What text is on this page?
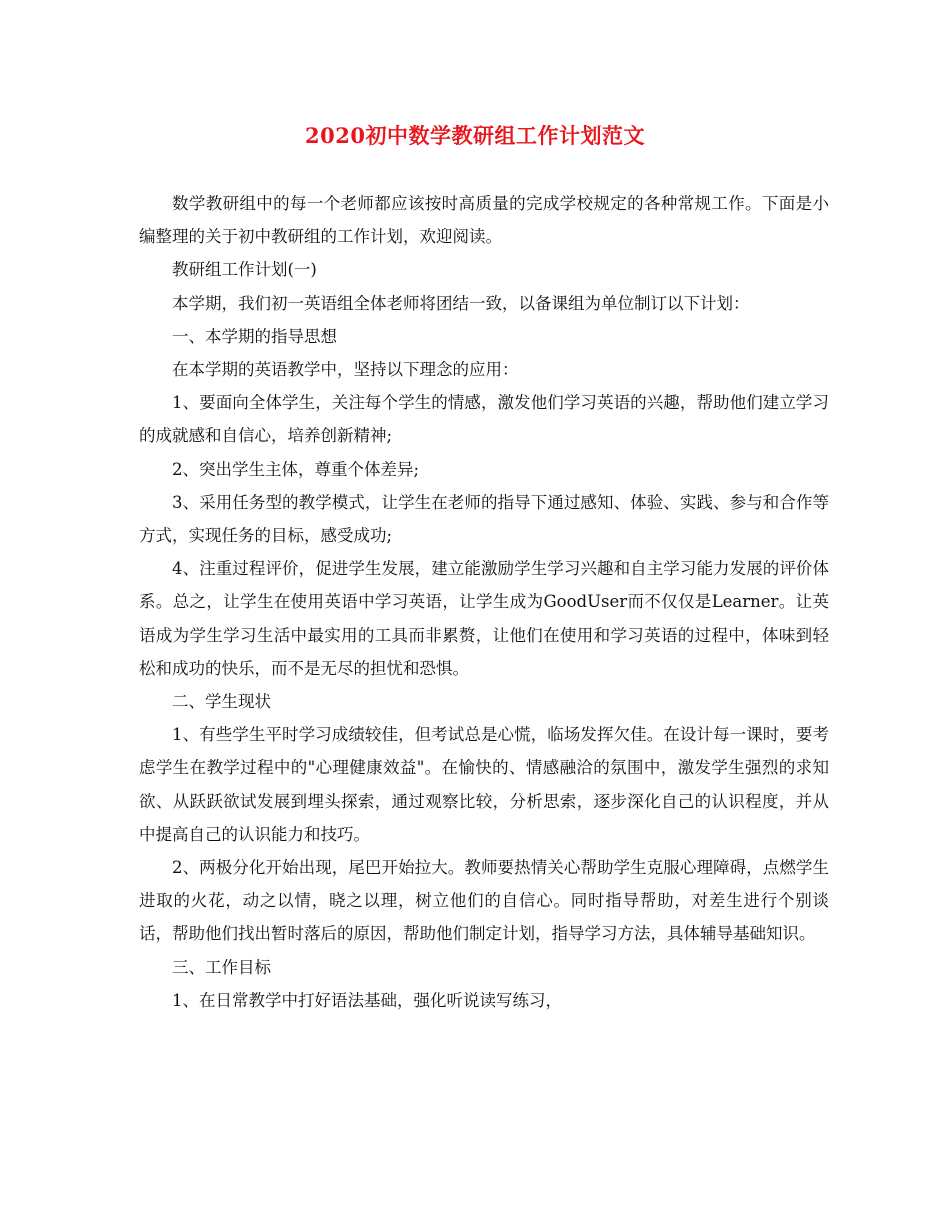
2020初中数学教研组工作计划范文

数学教研组中的每一个老师都应该按时高质量的完成学校规定的各种常规工作。下面是小编整理的关于初中教研组的工作计划，欢迎阅读。

教研组工作计划(一)

本学期，我们初一英语组全体老师将团结一致，以备课组为单位制订以下计划：

一、本学期的指导思想

在本学期的英语教学中，坚持以下理念的应用：

1、要面向全体学生，关注每个学生的情感，激发他们学习英语的兴趣，帮助他们建立学习的成就感和自信心，培养创新精神;

2、突出学生主体，尊重个体差异;

3、采用任务型的教学模式，让学生在老师的指导下通过感知、体验、实践、参与和合作等方式，实现任务的目标，感受成功;

4、注重过程评价，促进学生发展，建立能激励学生学习兴趣和自主学习能力发展的评价体系。总之，让学生在使用英语中学习英语，让学生成为GoodUser而不仅仅是Learner。让英语成为学生学习生活中最实用的工具而非累赘，让他们在使用和学习英语的过程中，体味到轻松和成功的快乐，而不是无尽的担忧和恐惧。

二、学生现状

1、有些学生平时学习成绩较佳，但考试总是心慌，临场发挥欠佳。在设计每一课时，要考虑学生在教学过程中的"心理健康效益"。在愉快的、情感融洽的氛围中，激发学生强烈的求知欲、从跃跃欲试发展到埋头探索，通过观察比较，分析思索，逐步深化自己的认识程度，并从中提高自己的认识能力和技巧。

2、两极分化开始出现，尾巴开始拉大。教师要热情关心帮助学生克服心理障碍，点燃学生进取的火花，动之以情，晓之以理，树立他们的自信心。同时指导帮助，对差生进行个别谈话，帮助他们找出暂时落后的原因，帮助他们制定计划，指导学习方法，具体辅导基础知识。

三、工作目标

1、在日常教学中打好语法基础，强化听说读写练习，
